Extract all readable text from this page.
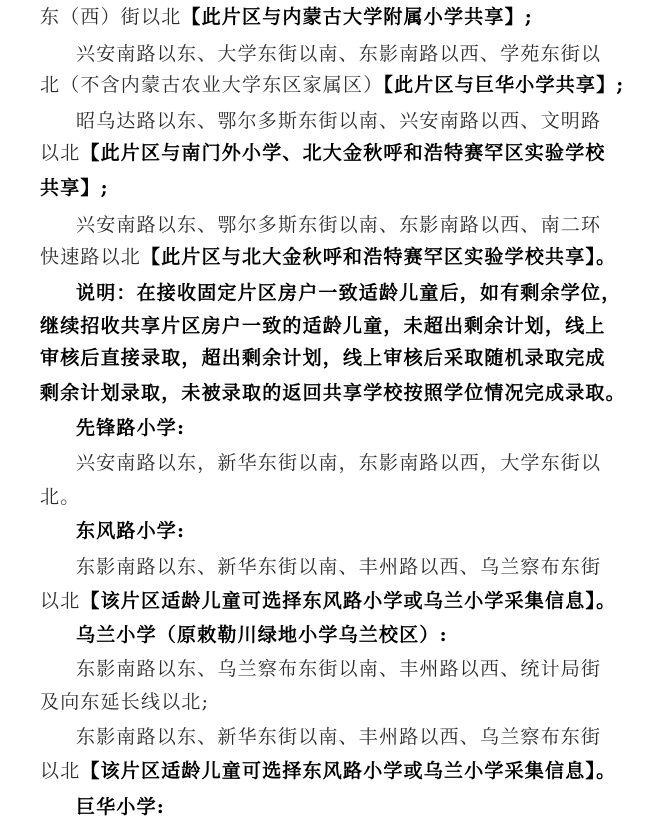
东（西）街以北【此片区与内蒙古大学附属小学共享】;
兴安南路以东、大学东街以南、东影南路以西、学苑东街以
北（不含内蒙古农业大学东区家属区）【此片区与巨华小学共享】;
昭乌达路以东、鄂尔多斯东街以南、兴安南路以西、文明路
以北【此片区与南门外小学、北大金秋呼和浩特赛罕区实验学校
共享】;
兴安南路以东、鄂尔多斯东街以南、东影南路以西、南二环
快速路以北【此片区与北大金秋呼和浩特赛罕区实验学校共享】。
说明：在接收固定片区房户一致适龄儿童后，如有剩余学位，
继续招收共享片区房户一致的适龄儿童，未超出剩余计划，线上
审核后直接录取，超出剩余计划，线上审核后采取随机录取完成
剩余计划录取，未被录取的返回共享学校按照学位情况完成录取。
先锋路小学:
兴安南路以东，新华东街以南，东影南路以西，大学东街以
北。
东风路小学:
东影南路以东、新华东街以南、丰州路以西、乌兰察布东街
以北【该片区适龄儿童可选择东风路小学或乌兰小学采集信息】。
乌兰小学（原敕勒川绿地小学乌兰校区）:
东影南路以东、乌兰察布东街以南、丰州路以西、统计局街
及向东延长线以北;
东影南路以东、新华东街以南、丰州路以西、乌兰察布东街
以北【该片区适龄儿童可选择东风路小学或乌兰小学采集信息】。
巨华小学:
